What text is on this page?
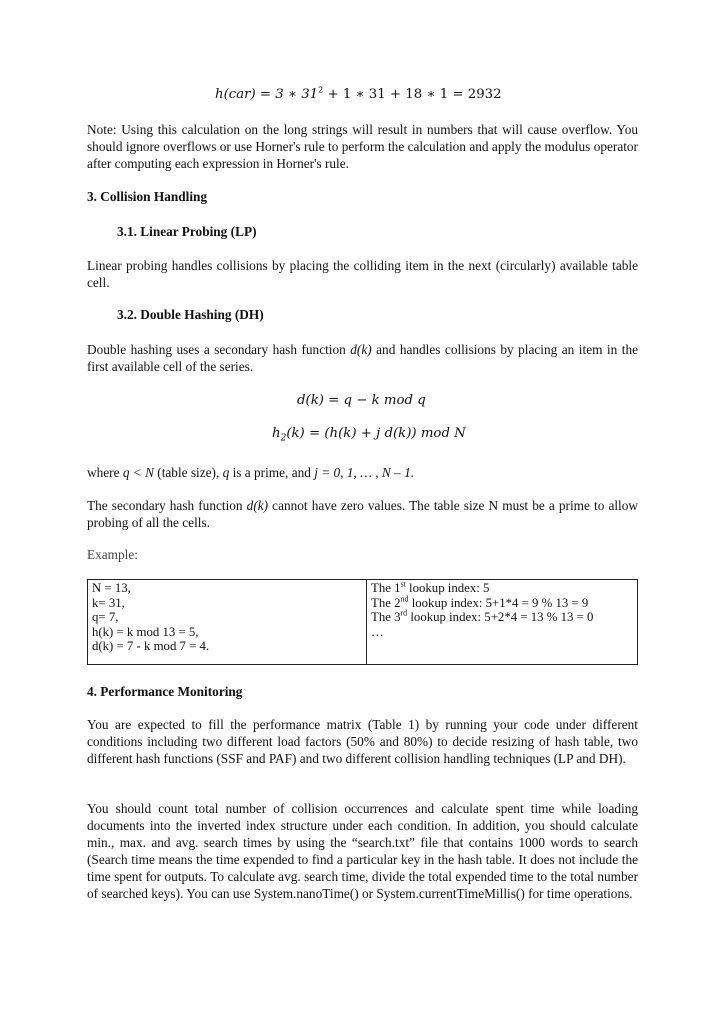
h(car) = 3 ∗ $31^2 + 1$ ∗ 31 + 18 ∗ 1 = 2932

Note: Using this calculation on the long strings will result in numbers that will cause overflow. You should ignore overflows or use Horner's rule to perform the calculation and apply the modulus operator after computing each expression in Horner's rule.

3. Collision Handling
3.1. Linear Probing (LP)

Linear probing handles collisions by placing the colliding item in the next (circularly) available table cell.

3.2. Double Hashing (DH)

Double hashing uses a secondary hash function d(k) and handles collisions by placing an item in the first available cell of the series.

d(k) = q − k mod q
$h_2(k) = (h(k) + j$ d(k)) mod N

where q < N (table size), q is a prime, and j = 0, 1, … , N – 1.

The secondary hash function d(k) cannot have zero values. The table size N must be a prime to allow probing of all the cells.

Example:

N = 13,
k= 31,
q= 7,
h(k) = k mod 13 = 5,
d(k) = 7 - k mod 7 = 4.

The 1st lookup index: 5
The 2nd lookup index: 5+1*4 = 9 % 13 = 9
The 3rd lookup index: 5+2*4 = 13 % 13 = 0
…
4. Performance Monitoring

You are expected to fill the performance matrix (Table 1) by running your code under different conditions including two different load factors (50% and 80%) to decide resizing of hash table, two different hash functions (SSF and PAF) and two different collision handling techniques (LP and DH).

You should count total number of collision occurrences and calculate spent time while loading documents into the inverted index structure under each condition. In addition, you should calculate min., max. and avg. search times by using the “search.txt” file that contains 1000 words to search (Search time means the time expended to find a particular key in the hash table. It does not include the time spent for outputs. To calculate avg. search time, divide the total expended time to the total number of searched keys). You can use System.nanoTime() or System.currentTimeMillis() for time operations.
